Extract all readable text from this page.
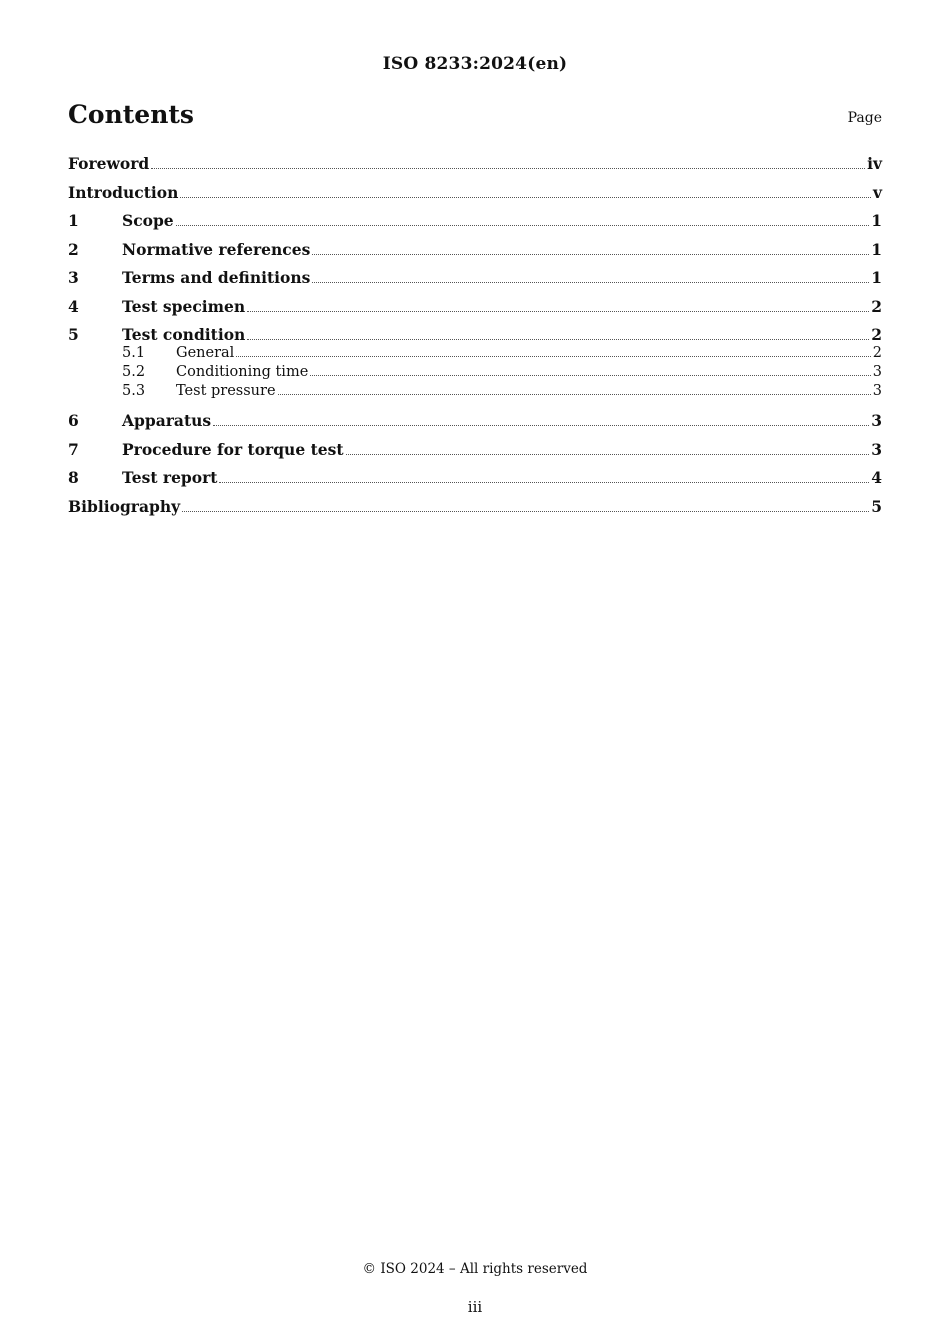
ISO 8233:2024(en)
Contents	Page
Foreword	iv
Introduction	v
1	Scope	1
2	Normative references	1
3	Terms and definitions	1
4	Test specimen	2
5	Test condition	2
5.1	General	2
5.2	Conditioning time	3
5.3	Test pressure	3
6	Apparatus	3
7	Procedure for torque test	3
8	Test report	4
Bibliography	5
© ISO 2024 – All rights reserved
iii
